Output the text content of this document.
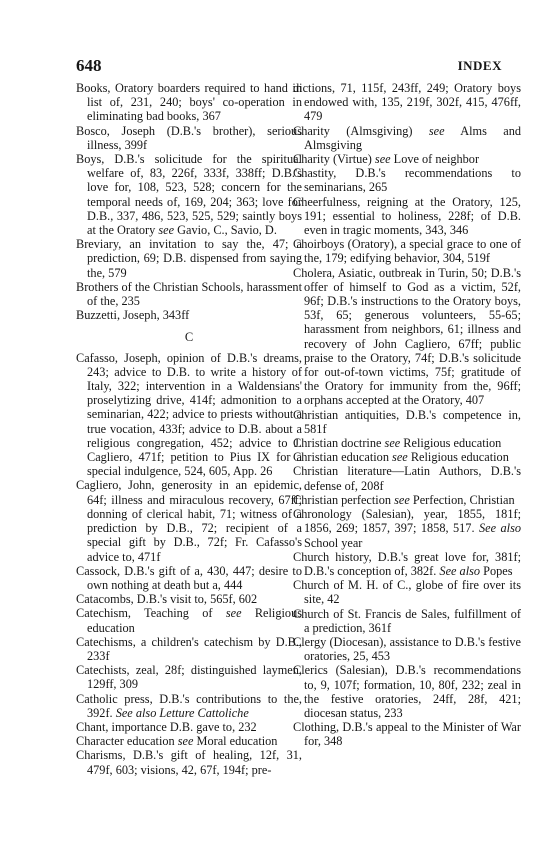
648	INDEX

Books, Oratory boarders required to hand in list of, 231, 240; boys' co-operation in eliminating bad books, 367

Bosco, Joseph (D.B.'s brother), serious illness, 399f

Boys, D.B.'s solicitude for the spiritual welfare of, 83, 226f, 333f, 338ff; D.B.'s love for, 108, 523, 528; concern for the temporal needs of, 169, 204; 363; love for D.B., 337, 486, 523, 525, 529; saintly boys at the Oratory see Gavio, C., Savio, D.

Breviary, an invitation to say the, 47; a prediction, 69; D.B. dispensed from saying the, 579

Brothers of the Christian Schools, harassment of the, 235

Buzzetti, Joseph, 343ff

C

Cafasso, Joseph, opinion of D.B.'s dreams, 243; advice to D.B. to write a history of Italy, 322; intervention in a Waldensians' proselytizing drive, 414f; admonition to a seminarian, 422; advice to priests without a true vocation, 433f; advice to D.B. about a religious congregation, 452; advice to J. Cagliero, 471f; petition to Pius IX for a special indulgence, 524, 605, App. 26

Cagliero, John, generosity in an epidemic, 64f; illness and miraculous recovery, 67ff; donning of clerical habit, 71; witness of a prediction by D.B., 72; recipient of a special gift by D.B., 72f; Fr. Cafasso's advice to, 471f

Cassock, D.B.'s gift of a, 430, 447; desire to own nothing at death but a, 444

Catacombs, D.B.'s visit to, 565f, 602

Catechism, Teaching of see Religious education

Catechisms, a children's catechism by D.B., 233f

Catechists, zeal, 28f; distinguished laymen, 129ff, 309

Catholic press, D.B.'s contributions to the, 392f. See also Letture Cattoliche

Chant, importance D.B. gave to, 232

Character education see Moral education

Charisms, D.B.'s gift of healing, 12f, 31, 479f, 603; visions, 42, 67f, 194f; pre-

dictions, 71, 115f, 243ff, 249; Oratory boys endowed with, 135, 219f, 302f, 415, 476ff, 479

Charity (Almsgiving) see Alms and Almsgiving

Charity (Virtue) see Love of neighbor

Chastity, D.B.'s recommendations to seminarians, 265

Cheerfulness, reigning at the Oratory, 125, 191; essential to holiness, 228f; of D.B. even in tragic moments, 343, 346

Choirboys (Oratory), a special grace to one of the, 179; edifying behavior, 304, 519f

Cholera, Asiatic, outbreak in Turin, 50; D.B.'s offer of himself to God as a victim, 52f, 96f; D.B.'s instructions to the Oratory boys, 53f, 65; generous volunteers, 55-65; harassment from neighbors, 61; illness and recovery of John Cagliero, 67ff; public praise to the Oratory, 74f; D.B.'s solicitude for out-of-town victims, 75f; gratitude of the Oratory for immunity from the, 96ff; orphans accepted at the Oratory, 407

Christian antiquities, D.B.'s competence in, 581f

Christian doctrine see Religious education

Christian education see Religious education

Christian literature—Latin Authors, D.B.'s defense of, 208f

Christian perfection see Perfection, Christian

Chronology (Salesian), year, 1855, 181f; 1856, 269; 1857, 397; 1858, 517. See also School year

Church history, D.B.'s great love for, 381f; D.B.'s conception of, 382f. See also Popes

Church of M. H. of C., globe of fire over its site, 42

Church of St. Francis de Sales, fulfillment of a prediction, 361f

Clergy (Diocesan), assistance to D.B.'s festive oratories, 25, 453

Clerics (Salesian), D.B.'s recommendations to, 9, 107f; formation, 10, 80f, 232; zeal in the festive oratories, 24ff, 28f, 421; diocesan status, 233

Clothing, D.B.'s appeal to the Minister of War for, 348
